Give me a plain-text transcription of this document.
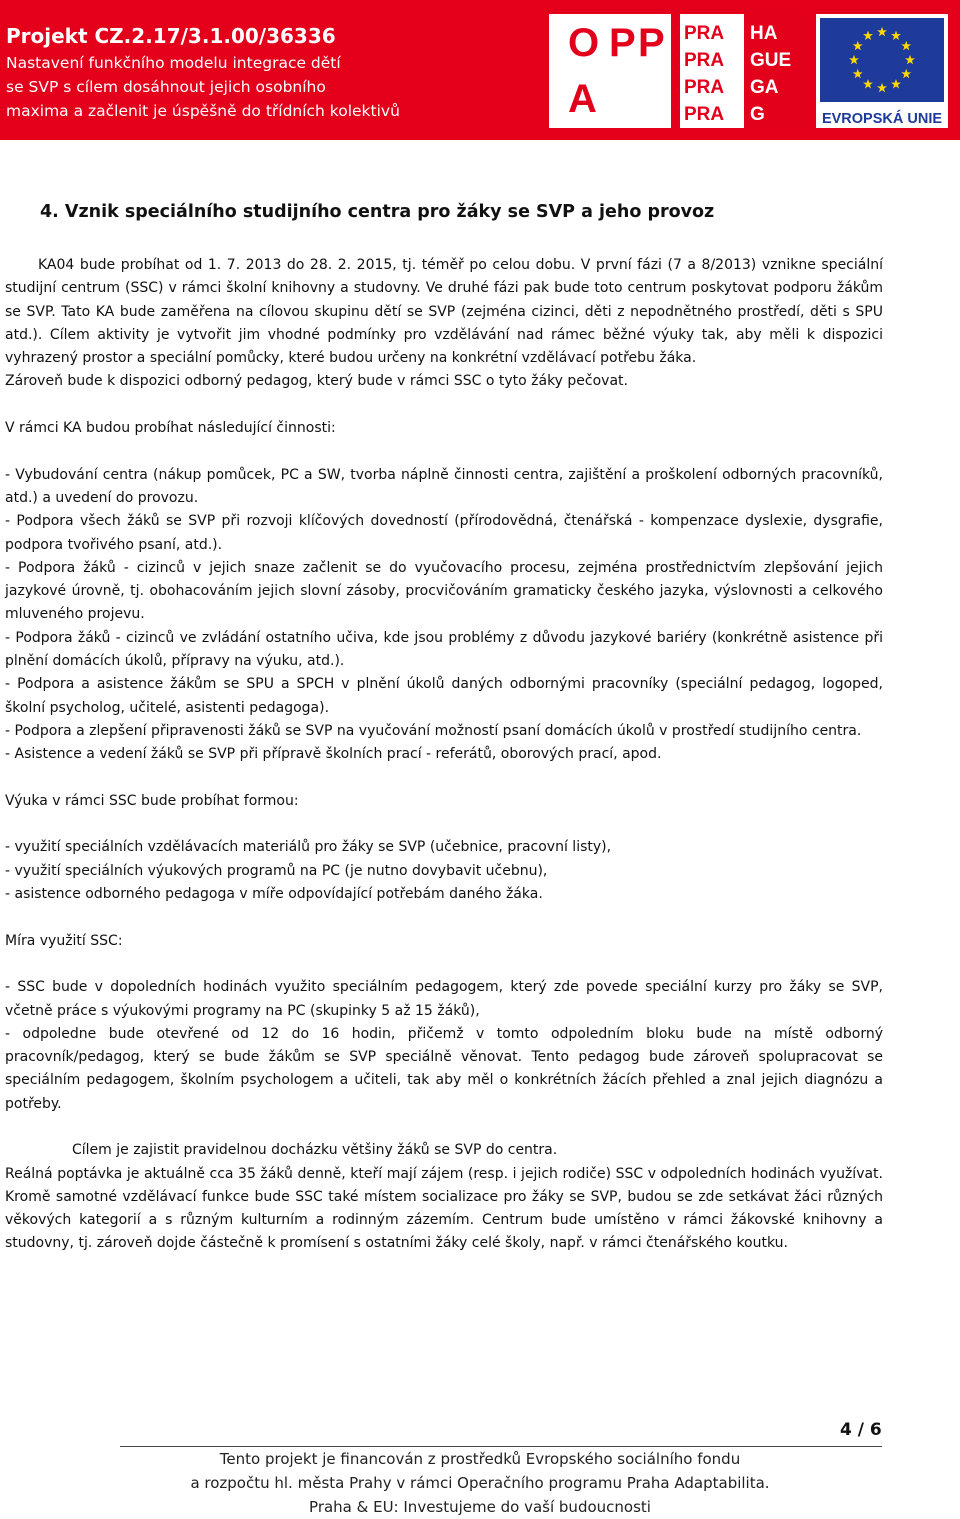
O P P
A
PRA HA
PRA GUE
PRA GA
PRA G	EVROPSKÁ UNIE
Projekt CZ.2.17/3.1.00/36336
Nastavení funkčního modelu integrace dětí
se SVP s cílem dosáhnout jejich osobního
maxima a začlenit je úspěšně do třídních kolektivů
4. Vznik speciálního studijního centra pro žáky se SVP a jeho provoz

KA04 bude probíhat od 1. 7. 2013 do 28. 2. 2015, tj. téměř po celou dobu. V první fázi (7 a 8/2013) vznikne speciální studijní centrum (SSC) v rámci školní knihovny a studovny. Ve druhé fázi pak bude toto centrum poskytovat podporu žákům se SVP. Tato KA bude zaměřena na cílovou skupinu dětí se SVP (zejména cizinci, děti z nepodnětného prostředí, děti s SPU atd.). Cílem aktivity je vytvořit jim vhodné podmínky pro vzdělávání nad rámec běžné výuky tak, aby měli k dispozici vyhrazený prostor a speciální pomůcky, které budou určeny na konkrétní vzdělávací potřebu žáka.

Zároveň bude k dispozici odborný pedagog, který bude v rámci SSC o tyto žáky pečovat.

V rámci KA budou probíhat následující činnosti:

- Vybudování centra (nákup pomůcek, PC a SW, tvorba náplně činnosti centra, zajištění a proškolení odborných pracovníků, atd.) a uvedení do provozu.

- Podpora všech žáků se SVP při rozvoji klíčových dovedností (přírodovědná, čtenářská - kompenzace dyslexie, dysgrafie, podpora tvořivého psaní, atd.).

- Podpora žáků - cizinců v jejich snaze začlenit se do vyučovacího procesu, zejména prostřednictvím zlepšování jejich jazykové úrovně, tj. obohacováním jejich slovní zásoby, procvičováním gramaticky českého jazyka, výslovnosti a celkového mluveného projevu.

- Podpora žáků - cizinců ve zvládání ostatního učiva, kde jsou problémy z důvodu jazykové bariéry (konkrétně asistence při plnění domácích úkolů, přípravy na výuku, atd.).

- Podpora a asistence žákům se SPU a SPCH v plnění úkolů daných odbornými pracovníky (speciální pedagog, logoped, školní psycholog, učitelé, asistenti pedagoga).

- Podpora a zlepšení připravenosti žáků se SVP na vyučování možností psaní domácích úkolů v prostředí studijního centra.

- Asistence a vedení žáků se SVP při přípravě školních prací - referátů, oborových prací, apod.

Výuka v rámci SSC bude probíhat formou:

- využití speciálních vzdělávacích materiálů pro žáky se SVP (učebnice, pracovní listy),

- využití speciálních výukových programů na PC (je nutno dovybavit učebnu),

- asistence odborného pedagoga v míře odpovídající potřebám daného žáka.

Míra využití SSC:

- SSC bude v dopoledních hodinách využito speciálním pedagogem, který zde povede speciální kurzy pro žáky se SVP, včetně práce s výukovými programy na PC (skupinky 5 až 15 žáků),

- odpoledne bude otevřené od 12 do 16 hodin, přičemž v tomto odpoledním bloku bude na místě odborný pracovník/pedagog, který se bude žákům se SVP speciálně věnovat. Tento pedagog bude zároveň spolupracovat se speciálním pedagogem, školním psychologem a učiteli, tak aby měl o konkrétních žácích přehled a znal jejich diagnózu a potřeby.

Cílem je zajistit pravidelnou docházku většiny žáků se SVP do centra.

Reálná poptávka je aktuálně cca 35 žáků denně, kteří mají zájem (resp. i jejich rodiče) SSC v odpoledních hodinách využívat. Kromě samotné vzdělávací funkce bude SSC také místem socializace pro žáky se SVP, budou se zde setkávat žáci různých věkových kategorií a s různým kulturním a rodinným zázemím. Centrum bude umístěno v rámci žákovské knihovny a studovny, tj. zároveň dojde částečně k promísení s ostatními žáky celé školy, např. v rámci čtenářského koutku.

4 / 6
Tento projekt je financován z prostředků Evropského sociálního fondu
a rozpočtu hl. města Prahy v rámci Operačního programu Praha Adaptabilita.
Praha & EU: Investujeme do vaší budoucnosti
